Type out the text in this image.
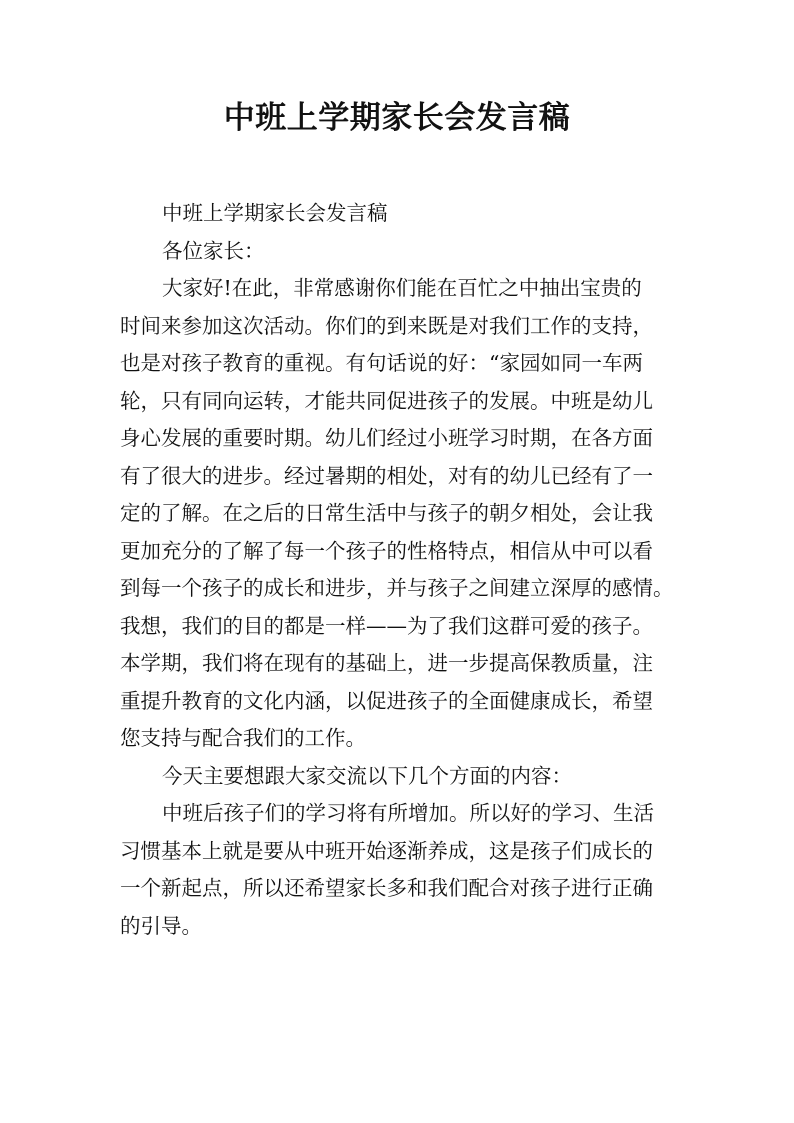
中班上学期家长会发言稿
中班上学期家长会发言稿
各位家长：
大家好!在此，非常感谢你们能在百忙之中抽出宝贵的
时间来参加这次活动。你们的到来既是对我们工作的支持，
也是对孩子教育的重视。有句话说的好：“家园如同一车两
轮，只有同向运转，才能共同促进孩子的发展。中班是幼儿
身心发展的重要时期。幼儿们经过小班学习时期，在各方面
有了很大的进步。经过暑期的相处，对有的幼儿已经有了一
定的了解。在之后的日常生活中与孩子的朝夕相处，会让我
更加充分的了解了每一个孩子的性格特点，相信从中可以看
到每一个孩子的成长和进步，并与孩子之间建立深厚的感情。
我想，我们的目的都是一样——为了我们这群可爱的孩子。
本学期，我们将在现有的基础上，进一步提高保教质量，注
重提升教育的文化内涵，以促进孩子的全面健康成长，希望
您支持与配合我们的工作。
今天主要想跟大家交流以下几个方面的内容：
中班后孩子们的学习将有所增加。所以好的学习、生活
习惯基本上就是要从中班开始逐渐养成，这是孩子们成长的
一个新起点，所以还希望家长多和我们配合对孩子进行正确
的引导。
